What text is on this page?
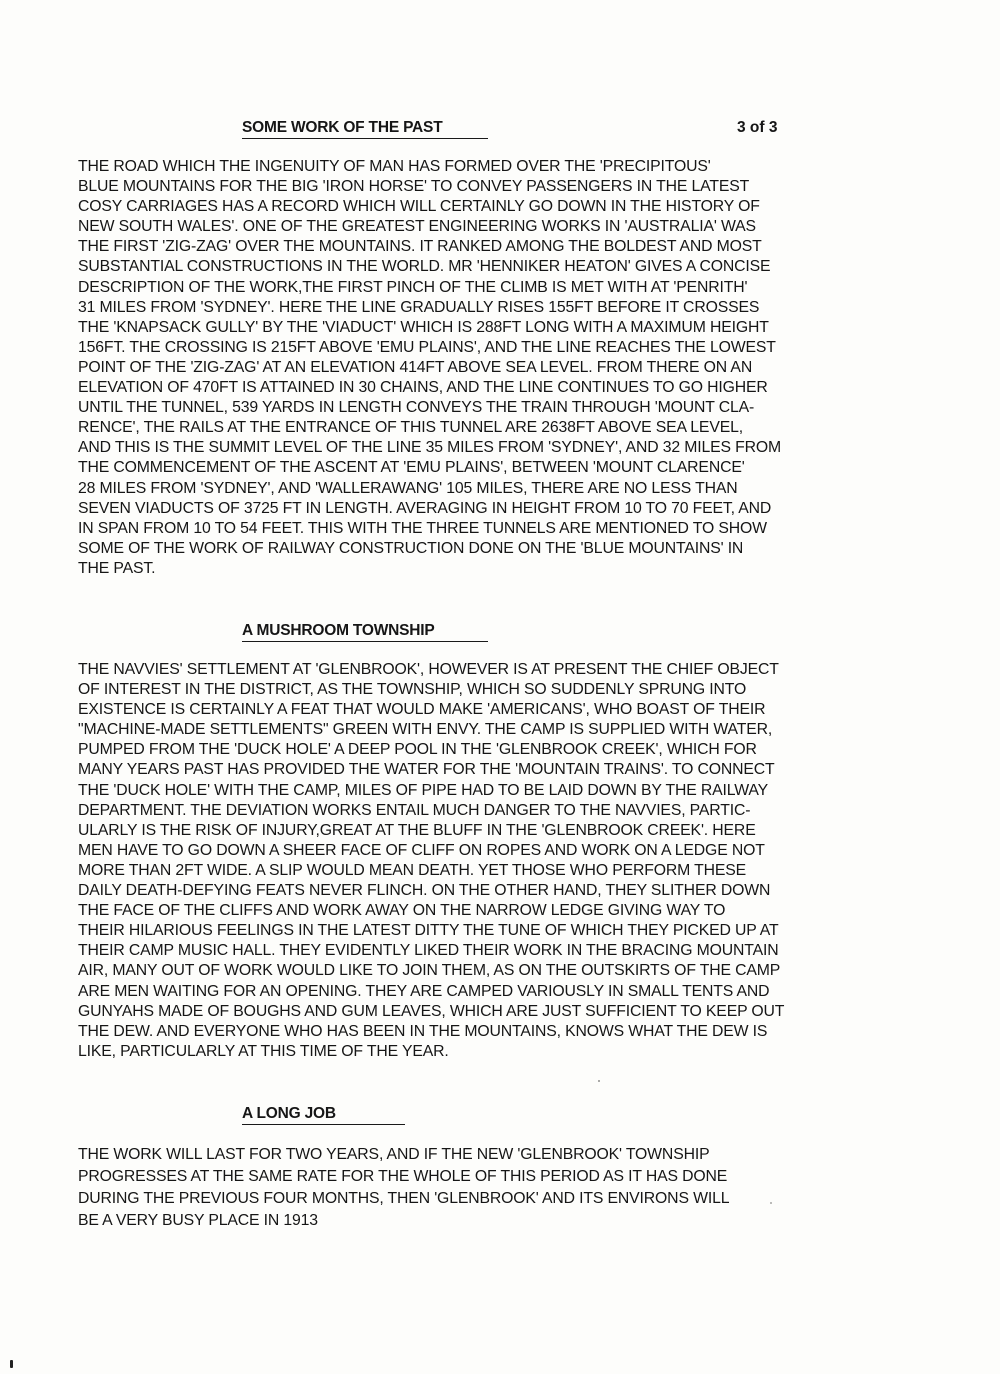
SOME WORK OF THE PAST	3 of 3
THE ROAD WHICH THE INGENUITY OF MAN HAS FORMED OVER THE 'PRECIPITOUS'
BLUE MOUNTAINS FOR THE BIG 'IRON HORSE' TO CONVEY PASSENGERS IN THE LATEST
COSY CARRIAGES HAS A RECORD WHICH WILL CERTAINLY GO DOWN IN THE HISTORY OF
NEW SOUTH WALES'. ONE OF THE GREATEST ENGINEERING WORKS IN 'AUSTRALIA' WAS
THE FIRST 'ZIG-ZAG' OVER THE MOUNTAINS. IT RANKED AMONG THE BOLDEST AND MOST
SUBSTANTIAL CONSTRUCTIONS IN THE WORLD. MR 'HENNIKER HEATON' GIVES A CONCISE
DESCRIPTION OF THE WORK,THE FIRST PINCH OF THE CLIMB IS MET WITH AT 'PENRITH'
31 MILES FROM 'SYDNEY'. HERE THE LINE GRADUALLY RISES 155FT BEFORE IT CROSSES
THE 'KNAPSACK GULLY' BY THE 'VIADUCT' WHICH IS 288FT LONG WITH A MAXIMUM HEIGHT
156FT. THE CROSSING IS 215FT ABOVE 'EMU PLAINS', AND THE LINE REACHES THE LOWEST
POINT OF THE 'ZIG-ZAG' AT AN ELEVATION 414FT ABOVE SEA LEVEL. FROM THERE ON AN
ELEVATION OF 470FT IS ATTAINED IN 30 CHAINS, AND THE LINE CONTINUES TO GO HIGHER
UNTIL THE TUNNEL, 539 YARDS IN LENGTH CONVEYS THE TRAIN THROUGH 'MOUNT CLA-
RENCE', THE RAILS AT THE ENTRANCE OF THIS TUNNEL ARE 2638FT ABOVE SEA LEVEL,
AND THIS IS THE SUMMIT LEVEL OF THE LINE 35 MILES FROM 'SYDNEY', AND 32 MILES FROM
THE COMMENCEMENT OF THE ASCENT AT 'EMU PLAINS', BETWEEN 'MOUNT CLARENCE'
28 MILES FROM 'SYDNEY', AND 'WALLERAWANG' 105 MILES, THERE ARE NO LESS THAN
SEVEN VIADUCTS OF 3725 FT IN LENGTH. AVERAGING IN HEIGHT FROM 10 TO 70 FEET, AND
IN SPAN FROM 10 TO 54 FEET. THIS WITH THE THREE TUNNELS ARE MENTIONED TO SHOW
SOME OF THE WORK OF RAILWAY CONSTRUCTION DONE ON THE 'BLUE MOUNTAINS' IN
THE PAST.
A MUSHROOM TOWNSHIP
THE NAVVIES' SETTLEMENT AT 'GLENBROOK', HOWEVER IS AT PRESENT THE CHIEF OBJECT
OF INTEREST IN THE DISTRICT, AS THE TOWNSHIP, WHICH SO SUDDENLY SPRUNG INTO
EXISTENCE IS CERTAINLY A FEAT THAT WOULD MAKE 'AMERICANS', WHO BOAST OF THEIR
"MACHINE-MADE SETTLEMENTS" GREEN WITH ENVY. THE CAMP IS SUPPLIED WITH WATER,
PUMPED FROM THE 'DUCK HOLE' A DEEP POOL IN THE 'GLENBROOK CREEK', WHICH FOR
MANY YEARS PAST HAS PROVIDED THE WATER FOR THE 'MOUNTAIN TRAINS'. TO CONNECT
THE 'DUCK HOLE' WITH THE CAMP, MILES OF PIPE HAD TO BE LAID DOWN BY THE RAILWAY
DEPARTMENT. THE DEVIATION WORKS ENTAIL MUCH DANGER TO THE NAVVIES, PARTIC-
ULARLY IS THE RISK OF INJURY,GREAT AT THE BLUFF IN THE 'GLENBROOK CREEK'. HERE
MEN HAVE TO GO DOWN A SHEER FACE OF CLIFF ON ROPES AND WORK ON A LEDGE NOT
MORE THAN 2FT WIDE. A SLIP WOULD MEAN DEATH. YET THOSE WHO PERFORM THESE
DAILY DEATH-DEFYING FEATS NEVER FLINCH. ON THE OTHER HAND, THEY SLITHER DOWN
THE FACE OF THE CLIFFS AND WORK AWAY ON THE NARROW LEDGE GIVING WAY TO
THEIR HILARIOUS FEELINGS IN THE LATEST DITTY THE TUNE OF WHICH THEY PICKED UP AT
THEIR CAMP MUSIC HALL. THEY EVIDENTLY LIKED THEIR WORK IN THE BRACING MOUNTAIN
AIR, MANY OUT OF WORK WOULD LIKE TO JOIN THEM, AS ON THE OUTSKIRTS OF THE CAMP
ARE MEN WAITING FOR AN OPENING. THEY ARE CAMPED VARIOUSLY IN SMALL TENTS AND
GUNYAHS MADE OF BOUGHS AND GUM LEAVES, WHICH ARE JUST SUFFICIENT TO KEEP OUT
THE DEW. AND EVERYONE WHO HAS BEEN IN THE MOUNTAINS, KNOWS WHAT THE DEW IS
LIKE, PARTICULARLY AT THIS TIME OF THE YEAR.
A LONG JOB
THE WORK WILL LAST FOR TWO YEARS, AND IF THE NEW 'GLENBROOK' TOWNSHIP
PROGRESSES AT THE SAME RATE FOR THE WHOLE OF THIS PERIOD AS IT HAS DONE
DURING THE PREVIOUS FOUR MONTHS, THEN 'GLENBROOK' AND ITS ENVIRONS WILL
BE A VERY BUSY PLACE IN 1913
